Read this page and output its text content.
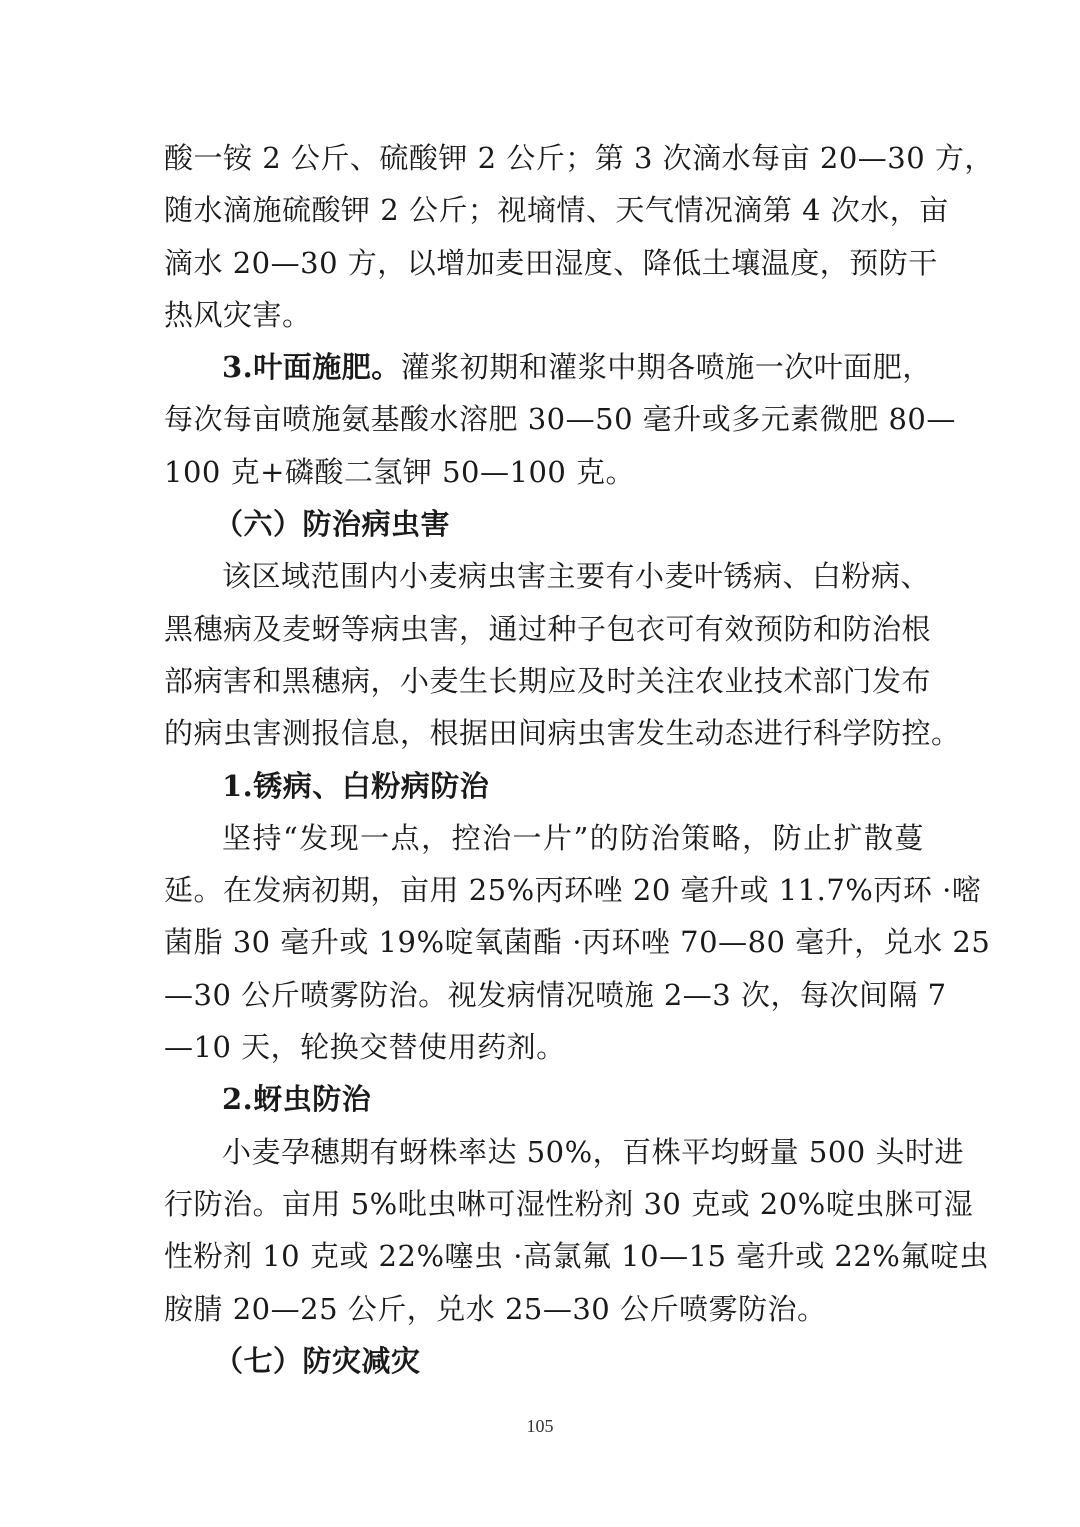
酸一铵 2 公斤、硫酸钾 2 公斤；第 3 次滴水每亩 20—30 方，
随水滴施硫酸钾 2 公斤；视墒情、天气情况滴第 4 次水，亩
滴水 20—30 方，以增加麦田湿度、降低土壤温度，预防干
热风灾害。
3.叶面施肥。灌浆初期和灌浆中期各喷施一次叶面肥，
每次每亩喷施氨基酸水溶肥 30—50 毫升或多元素微肥 80—
100 克+磷酸二氢钾 50—100 克。
（六）防治病虫害
该区域范围内小麦病虫害主要有小麦叶锈病、白粉病、
黑穗病及麦蚜等病虫害，通过种子包衣可有效预防和防治根
部病害和黑穗病，小麦生长期应及时关注农业技术部门发布
的病虫害测报信息，根据田间病虫害发生动态进行科学防控。
1.锈病、白粉病防治
坚持“发现一点，控治一片”的防治策略，防止扩散蔓
延。在发病初期，亩用 25%丙环唑 20 毫升或 11.7%丙环 ·嘧
菌脂 30 毫升或 19%啶氧菌酯 ·丙环唑 70—80 毫升，兑水 25
—30 公斤喷雾防治。视发病情况喷施 2—3 次，每次间隔 7
—10 天，轮换交替使用药剂。
2.蚜虫防治
小麦孕穗期有蚜株率达 50%，百株平均蚜量 500 头时进
行防治。亩用 5%吡虫啉可湿性粉剂 30 克或 20%啶虫脒可湿
性粉剂 10 克或 22%噻虫 ·高氯氟 10—15 毫升或 22%氟啶虫
胺腈 20—25 公斤，兑水 25—30 公斤喷雾防治。
（七）防灾减灾
105
